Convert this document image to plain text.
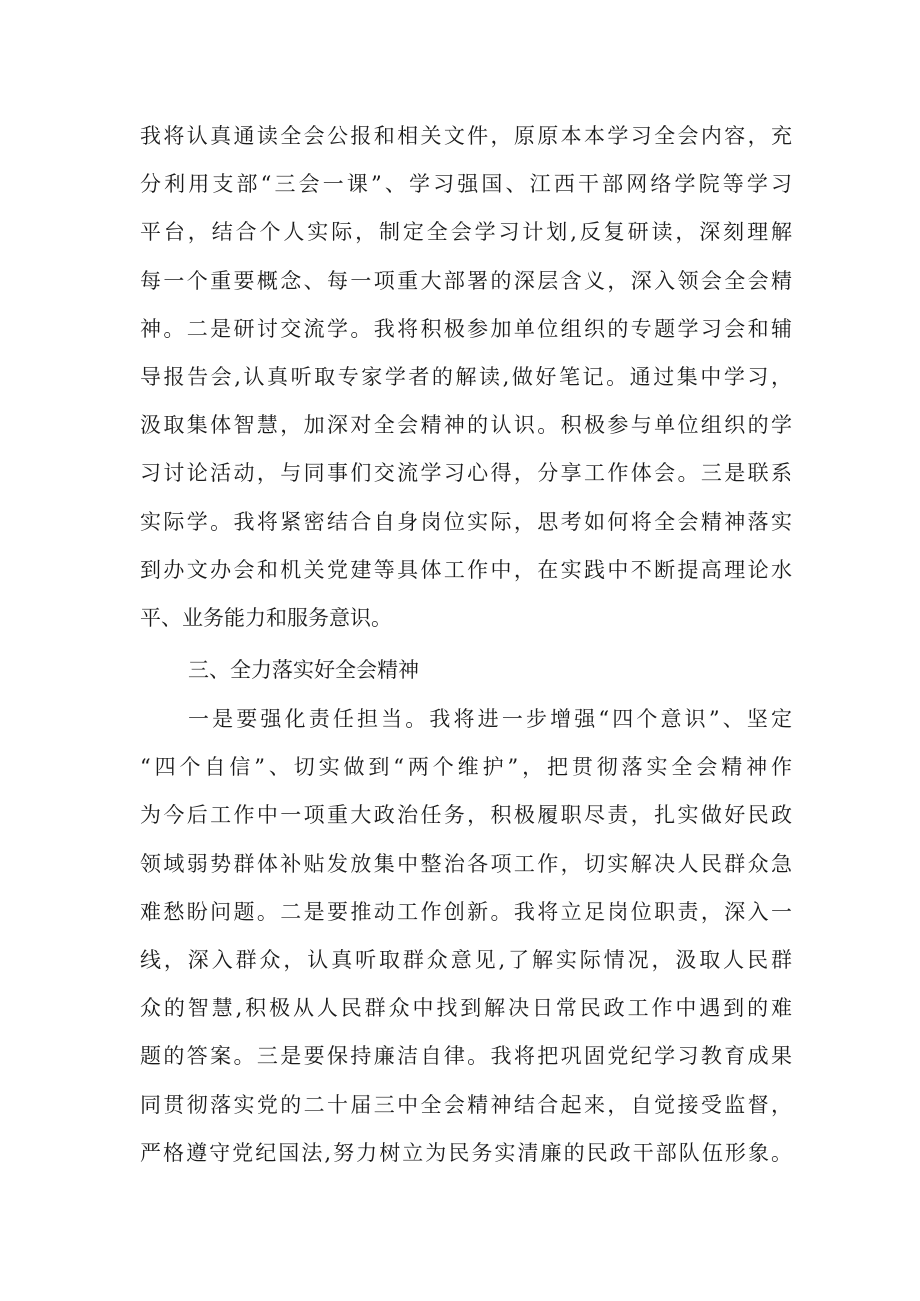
我将认真通读全会公报和相关文件，原原本本学习全会内容，充
分利用支部“三会一课”、学习强国、江西干部网络学院等学习
平台，结合个人实际，制定全会学习计划,反复研读，深刻理解
每一个重要概念、每一项重大部署的深层含义，深入领会全会精
神。二是研讨交流学。我将积极参加单位组织的专题学习会和辅
导报告会,认真听取专家学者的解读,做好笔记。通过集中学习，
汲取集体智慧，加深对全会精神的认识。积极参与单位组织的学
习讨论活动，与同事们交流学习心得，分享工作体会。三是联系
实际学。我将紧密结合自身岗位实际，思考如何将全会精神落实
到办文办会和机关党建等具体工作中，在实践中不断提高理论水
平、业务能力和服务意识。
三、全力落实好全会精神
一是要强化责任担当。我将进一步增强“四个意识”、坚定
“四个自信”、切实做到“两个维护”，把贯彻落实全会精神作
为今后工作中一项重大政治任务，积极履职尽责，扎实做好民政
领域弱势群体补贴发放集中整治各项工作，切实解决人民群众急
难愁盼问题。二是要推动工作创新。我将立足岗位职责，深入一
线，深入群众，认真听取群众意见,了解实际情况，汲取人民群
众的智慧,积极从人民群众中找到解决日常民政工作中遇到的难
题的答案。三是要保持廉洁自律。我将把巩固党纪学习教育成果
同贯彻落实党的二十届三中全会精神结合起来，自觉接受监督，
严格遵守党纪国法,努力树立为民务实清廉的民政干部队伍形象。
